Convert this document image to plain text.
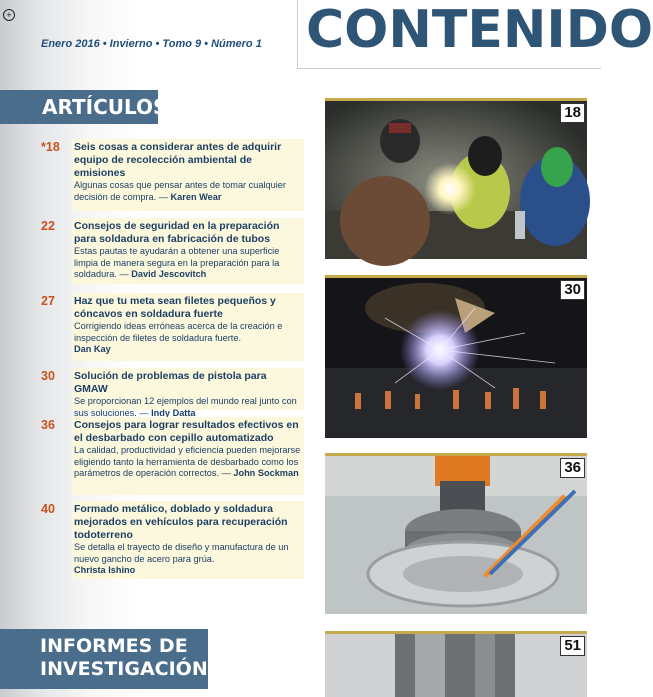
+
Enero 2016 • Invierno • Tomo 9 • Número 1 CONTENIDO
ARTÍCULOS
*18 Seis cosas a considerar antes de adquirir equipo de recolección ambiental de emisiones
Algunas cosas que pensar antes de tomar cualquier decisión de compra. — Karen Wear
22 Consejos de seguridad en la preparación para soldadura en fabricación de tubos
Estas pautas te ayudarán a obtener una superficie limpia de manera segura en la preparación para la soldadura. — David Jescovitch
27 Haz que tu meta sean filetes pequeños y cóncavos en soldadura fuerte
Corrigiendo ideas erróneas acerca de la creación e inspección de filetes de soldadura fuerte.
Dan Kay
30 Solución de problemas de pistola para GMAW
Se proporcionan 12 ejemplos del mundo real junto con sus soluciones. — Indy Datta
36 Consejos para lograr resultados efectivos en el desbarbado con cepillo automatizado
La calidad, productividad y eficiencia pueden mejorarse eligiendo tanto la herramienta de desbarbado como los parámetros de operación correctos. — John Sockman
40 Formado metálico, doblado y soldadura mejorados en vehículos para recuperación todoterreno
Se detalla el trayecto de diseño y manufactura de un nuevo gancho de acero para grúa.
Christa Ishino
INFORMES DE
INVESTIGACIÓN
18
30
36
51
